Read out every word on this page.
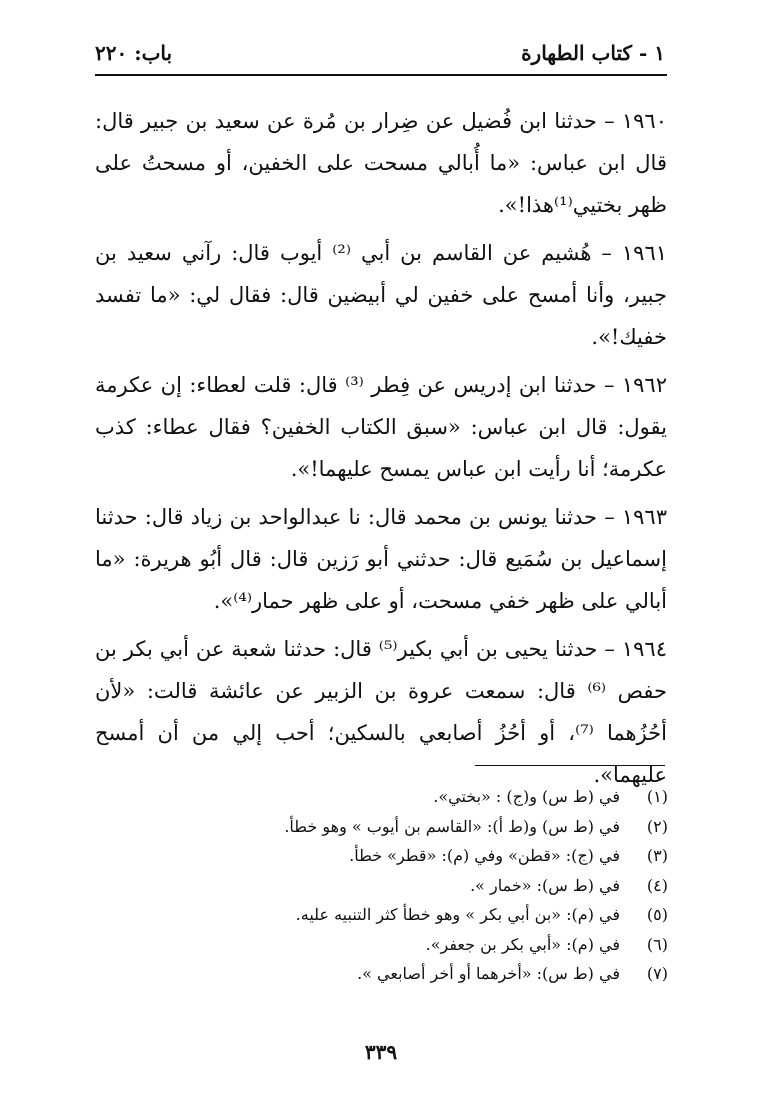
١ - كتاب الطهارة
باب: ٢٢٠

١٩٦٠ – حدثنا ابن فُضيل عن ضِرار بن مُرة عن سعيد بن جبير قال: قال ابن عباس: «ما أُبالي مسحت على الخفين، أو مسحتُ على ظهر بختيي⁽¹⁾هذا!».

١٩٦١ – هُشيم عن القاسم بن أبي ⁽²⁾ أيوب قال: رآني سعيد بن جبير، وأنا أمسح على خفين لي أبيضين قال: فقال لي: «ما تفسد خفيك!».

١٩٦٢ – حدثنا ابن إدريس عن فِطر ⁽³⁾ قال: قلت لعطاء: إن عكرمة يقول: قال ابن عباس: «سبق الكتاب الخفين؟ فقال عطاء: كذب عكرمة؛ أنا رأيت ابن عباس يمسح عليهما!».

١٩٦٣ – حدثنا يونس بن محمد قال: نا عبدالواحد بن زياد قال: حدثنا إسماعيل بن سُمَيع قال: حدثني أبو رَزين قال: قال أبُو هريرة: «ما أبالي على ظهر خفي مسحت، أو على ظهر حمار⁽⁴⁾».

١٩٦٤ – حدثنا يحيى بن أبي بكير⁽⁵⁾ قال: حدثنا شعبة عن أبي بكر بن حفص ⁽⁶⁾ قال: سمعت عروة بن الزبير عن عائشة قالت: «لأن أحُزُهما ⁽⁷⁾، أو أحُزُ أصابعي بالسكين؛ أحب إلي من أن أمسح عليهما».

(١)
في (ط س) و(ج) : «بختي».
(٢)
في (ط س) و(ط أ): «القاسم بن أيوب » وهو خطأ.
(٣)
في (ج): «قطن» وفي (م): «قطر» خطأ.
(٤)
في (ط س): «خمار ».
(٥)
في (م): «بن أبي بكر » وهو خطأ كثر التنبيه عليه.
(٦)
في (م): «أبي بكر بن جعفر».
(٧)
في (ط س): «أخرهما أو أخر أصابعي ».
٣٣٩
